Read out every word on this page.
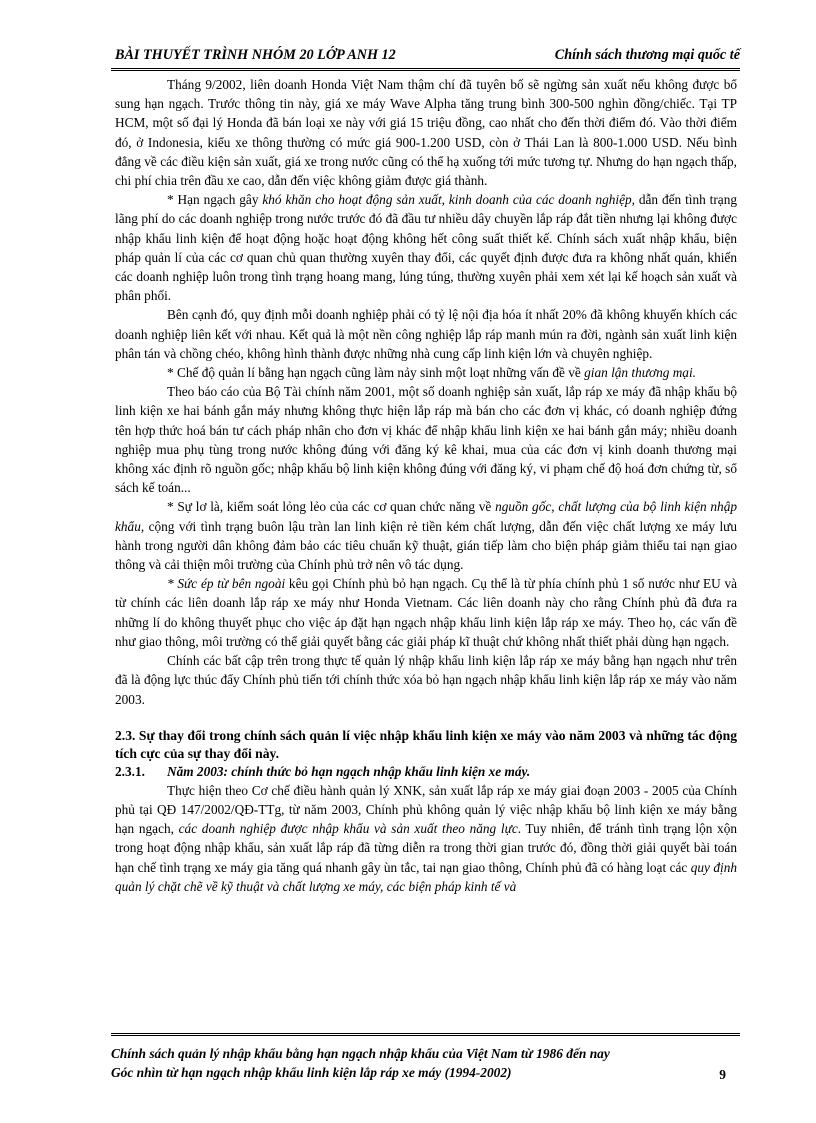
BÀI THUYẾT TRÌNH NHÓM 20 LỚP ANH 12	Chính sách thương mại quốc tế

Tháng 9/2002, liên doanh Honda Việt Nam thậm chí đã tuyên bố sẽ ngừng sản xuất nếu không được bổ sung hạn ngạch. Trước thông tin này, giá xe máy Wave Alpha tăng trung bình 300-500 nghìn đồng/chiếc. Tại TP HCM, một số đại lý Honda đã bán loại xe này với giá 15 triệu đồng, cao nhất cho đến thời điểm đó. Vào thời điểm đó, ở Indonesia, kiểu xe thông thường có mức giá 900-1.200 USD, còn ở Thái Lan là 800-1.000 USD. Nếu bình đẳng về các điều kiện sản xuất, giá xe trong nước cũng có thể hạ xuống tới mức tương tự. Nhưng do hạn ngạch thấp, chi phí chia trên đầu xe cao, dẫn đến việc không giảm được giá thành.

* Hạn ngạch gây khó khăn cho hoạt động sản xuất, kinh doanh của các doanh nghiệp, dẫn đến tình trạng lãng phí do các doanh nghiệp trong nước trước đó đã đầu tư nhiều dây chuyền lắp ráp đắt tiền nhưng lại không được nhập khẩu linh kiện để hoạt động hoặc hoạt động không hết công suất thiết kế. Chính sách xuất nhập khẩu, biện pháp quản lí của các cơ quan chủ quan thường xuyên thay đổi, các quyết định được đưa ra không nhất quán, khiến các doanh nghiệp luôn trong tình trạng hoang mang, lúng túng, thường xuyên phải xem xét lại kế hoạch sản xuất và phân phối.

Bên cạnh đó, quy định mỗi doanh nghiệp phải có tỷ lệ nội địa hóa ít nhất 20% đã không khuyến khích các doanh nghiệp liên kết với nhau. Kết quả là một nền công nghiệp lắp ráp manh mún ra đời, ngành sản xuất linh kiện phân tán và chồng chéo, không hình thành được những nhà cung cấp linh kiện lớn và chuyên nghiệp.

* Chế độ quản lí bằng hạn ngạch cũng làm nảy sinh một loạt những vấn đề về gian lận thương mại.

Theo báo cáo của Bộ Tài chính năm 2001, một số doanh nghiệp sản xuất, lắp ráp xe máy đã nhập khẩu bộ linh kiện xe hai bánh gắn máy nhưng không thực hiện lắp ráp mà bán cho các đơn vị khác, có doanh nghiệp đứng tên hợp thức hoá bán tư cách pháp nhân cho đơn vị khác để nhập khẩu linh kiện xe hai bánh gắn máy; nhiều doanh nghiệp mua phụ tùng trong nước không đúng với đăng ký kê khai, mua của các đơn vị kinh doanh thương mại không xác định rõ nguồn gốc; nhập khẩu bộ linh kiện không đúng với đăng ký, vi phạm chế độ hoá đơn chứng từ, sổ sách kế toán...

* Sự lơ là, kiểm soát lỏng lẻo của các cơ quan chức năng về nguồn gốc, chất lượng của bộ linh kiện nhập khẩu, cộng với tình trạng buôn lậu tràn lan linh kiện rẻ tiền kém chất lượng, dẫn đến việc chất lượng xe máy lưu hành trong người dân không đảm bảo các tiêu chuẩn kỹ thuật, gián tiếp làm cho biện pháp giảm thiểu tai nạn giao thông và cải thiện môi trường của Chính phủ trở nên vô tác dụng.

* Sức ép từ bên ngoài kêu gọi Chính phủ bỏ hạn ngạch. Cụ thể là từ phía chính phủ 1 số nước như EU và từ chính các liên doanh lắp ráp xe máy như Honda Vietnam. Các liên doanh này cho rằng Chính phủ đã đưa ra những lí do không thuyết phục cho việc áp đặt hạn ngạch nhập khẩu linh kiện lắp ráp xe máy. Theo họ, các vấn đề như giao thông, môi trường có thể giải quyết bằng các giải pháp kĩ thuật chứ không nhất thiết phải dùng hạn ngạch.

Chính các bất cập trên trong thực tế quản lý nhập khẩu linh kiện lắp ráp xe máy bằng hạn ngạch như trên đã là động lực thúc đẩy Chính phủ tiến tới chính thức xóa bỏ hạn ngạch nhập khẩu linh kiện lắp ráp xe máy vào năm 2003.

2.3. Sự thay đổi trong chính sách quản lí việc nhập khẩu linh kiện xe máy vào năm 2003 và những tác động tích cực của sự thay đổi này.
2.3.1. Năm 2003: chính thức bỏ hạn ngạch nhập khẩu linh kiện xe máy.

Thực hiện theo Cơ chế điều hành quản lý XNK, sản xuất lắp ráp xe máy giai đoạn 2003 - 2005 của Chính phủ tại QĐ 147/2002/QĐ-TTg, từ năm 2003, Chính phủ không quản lý việc nhập khẩu bộ linh kiện xe máy bằng hạn ngạch, các doanh nghiệp được nhập khẩu và sản xuất theo năng lực. Tuy nhiên, để tránh tình trạng lộn xộn trong hoạt động nhập khẩu, sản xuất lắp ráp đã từng diễn ra trong thời gian trước đó, đồng thời giải quyết bài toán hạn chế tình trạng xe máy gia tăng quá nhanh gây ùn tắc, tai nạn giao thông, Chính phủ đã có hàng loạt các quy định quản lý chặt chẽ về kỹ thuật và chất lượng xe máy, các biện pháp kinh tế và

Chính sách quản lý nhập khẩu bằng hạn ngạch nhập khẩu của Việt Nam từ 1986 đến nay
Góc nhìn từ hạn ngạch nhập khẩu linh kiện lắp ráp xe máy (1994-2002)	9
